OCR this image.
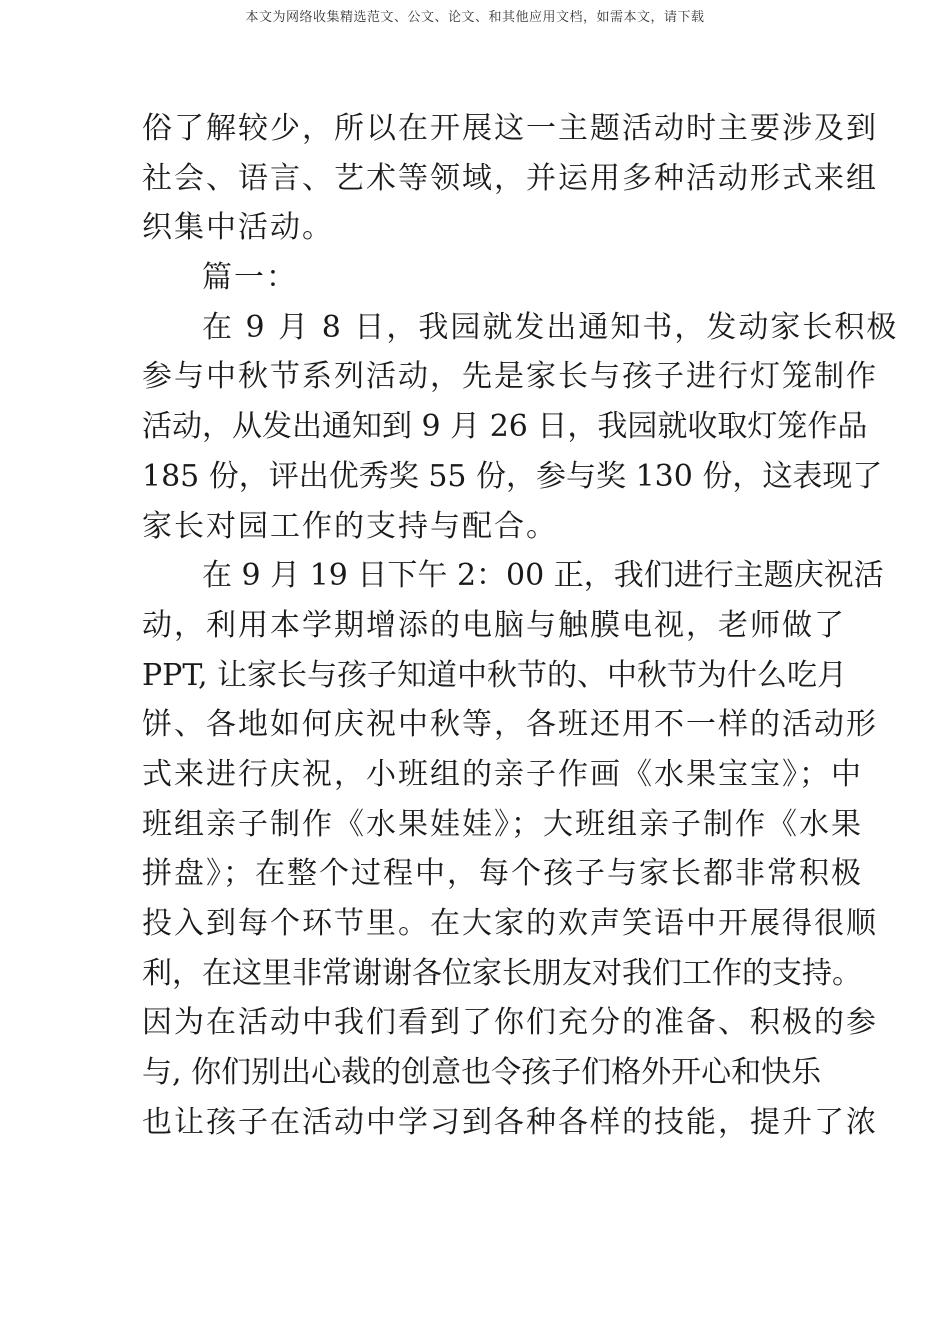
本文为网络收集精选范文、公文、论文、和其他应用文档，如需本文，请下载
俗了解较少，所以在开展这一主题活动时主要涉及到
社会、语言、艺术等领域，并运用多种活动形式来组
织集中活动。
篇一：
在 9 月 8 日，我园就发出通知书，发动家长积极
参与中秋节系列活动，先是家长与孩子进行灯笼制作
活动，从发出通知到 9 月 26 日，我园就收取灯笼作品
185 份，评出优秀奖 55 份，参与奖 130 份，这表现了
家长对园工作的支持与配合。
在 9 月 19 日下午 2：00 正，我们进行主题庆祝活
动，利用本学期增添的电脑与触膜电视，老师做了
PPT, 让家长与孩子知道中秋节的、中秋节为什么吃月
饼、各地如何庆祝中秋等，各班还用不一样的活动形
式来进行庆祝，小班组的亲子作画《水果宝宝》；中
班组亲子制作《水果娃娃》；大班组亲子制作《水果
拼盘》；在整个过程中，每个孩子与家长都非常积极
投入到每个环节里。在大家的欢声笑语中开展得很顺
利，在这里非常谢谢各位家长朋友对我们工作的支持。
因为在活动中我们看到了你们充分的准备、积极的参
与, 你们别出心裁的创意也令孩子们格外开心和快乐
也让孩子在活动中学习到各种各样的技能，提升了浓
